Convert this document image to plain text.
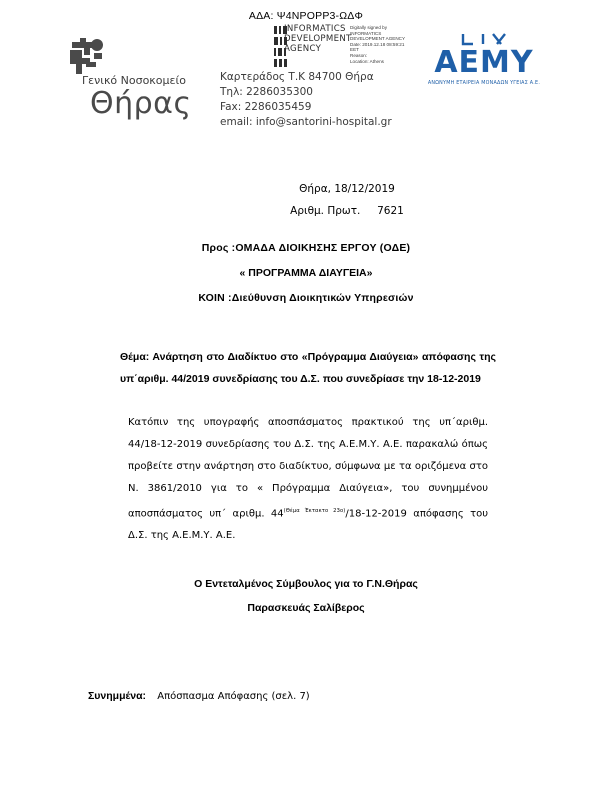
ΑΔΑ: Ψ4ΝΡΟΡΡ3-ΩΔΦ
Γενικό Νοσοκομείο
Θήρας
Καρτεράδος Τ.Κ 84700 Θήρα
Τηλ: 2286035300
Fax: 2286035459
email: info@santorini-hospital.gr
INFORMATICS
DEVELOPMENT
AGENCY
Digitally signed by
INFORMATICS
DEVELOPMENT AGENCY
Date: 2019.12.18 08:59:21
EET
Reason:
Location: Athens	AEMY
ΑΝΩΝΥΜΗ ΕΤΑΙΡΕΙΑ ΜΟΝΑΔΩΝ ΥΓΕΙΑΣ Α.Ε.
Θήρα, 18/12/2019
Αριθμ. Πρωτ. 7621
Προς :ΟΜΑΔΑ ΔΙΟΙΚΗΣΗΣ ΕΡΓΟΥ (ΟΔΕ)
« ΠΡΟΓΡΑΜΜΑ ΔΙΑΥΓΕΙΑ»
ΚΟΙΝ :Διεύθυνση Διοικητικών Υπηρεσιών
Θέμα: Ανάρτηση στο Διαδίκτυο στο «Πρόγραμμα Διαύγεια» απόφασης της υπ΄αριθμ. 44/2019 συνεδρίασης του Δ.Σ. που συνεδρίασε την 18-12-2019

Κατόπιν της υπογραφής αποσπάσματος πρακτικού της υπ΄αριθμ. 44/18-12-2019 συνεδρίασης του Δ.Σ. της Α.Ε.Μ.Υ. Α.Ε. παρακαλώ όπως προβείτε στην ανάρτηση στο διαδίκτυο, σύμφωνα με τα οριζόμενα στο Ν. 3861/2010 για το « Πρόγραμμα Διαύγεια», του συνημμένου αποσπάσματος υπ΄ αριθμ. 44$^{(\Theta έ\mu\alpha Έ\kappa\tau\alpha\kappa\tau o 23o)}$/18-12-2019 απόφασης του Δ.Σ. της Α.Ε.Μ.Υ. Α.Ε.

Ο Εντεταλμένος Σύμβουλος για το Γ.Ν.Θήρας
Παρασκευάς Σαλίβερος
Συνημμένα: Απόσπασμα Απόφασης (σελ. 7)
